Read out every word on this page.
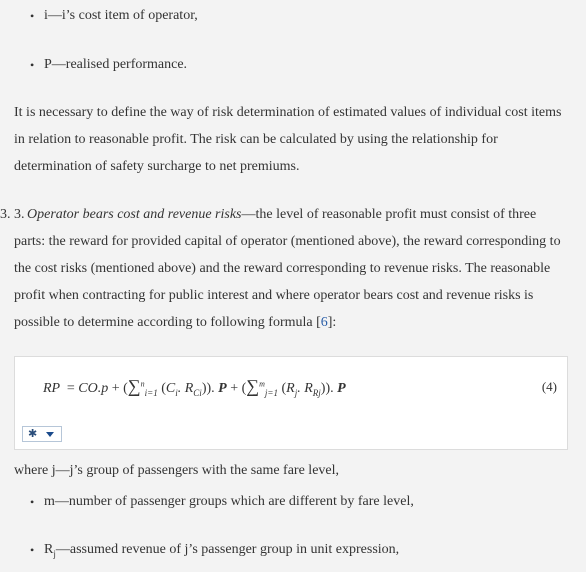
• i—i’s cost item of operator,
• P—realised performance.
It is necessary to define the way of risk determination of estimated values of individual cost items
in relation to reasonable profit. The risk can be calculated by using the relationship for
determination of safety surcharge to net premiums.
3. 3. Operator bears cost and revenue risks—the level of reasonable profit must consist of three
parts: the reward for provided capital of operator (mentioned above), the reward corresponding to
the cost risks (mentioned above) and the reward corresponding to revenue risks. The reasonable
profit when contracting for public interest and where operator bears cost and revenue risks is
possible to determine according to following formula [6]:
RP  = CO.p + (∑$^n_{i=1}$ ($C_i$. $R_{Ci}$)). P + (∑$^m_{j=1}$ ($R_j$. $R_{Rj}$)). P	(4)
✱
where j—j’s group of passengers with the same fare level,
• m—number of passenger groups which are different by fare level,
• $R_j—assumed$ revenue of j’s passenger group in unit expression,
